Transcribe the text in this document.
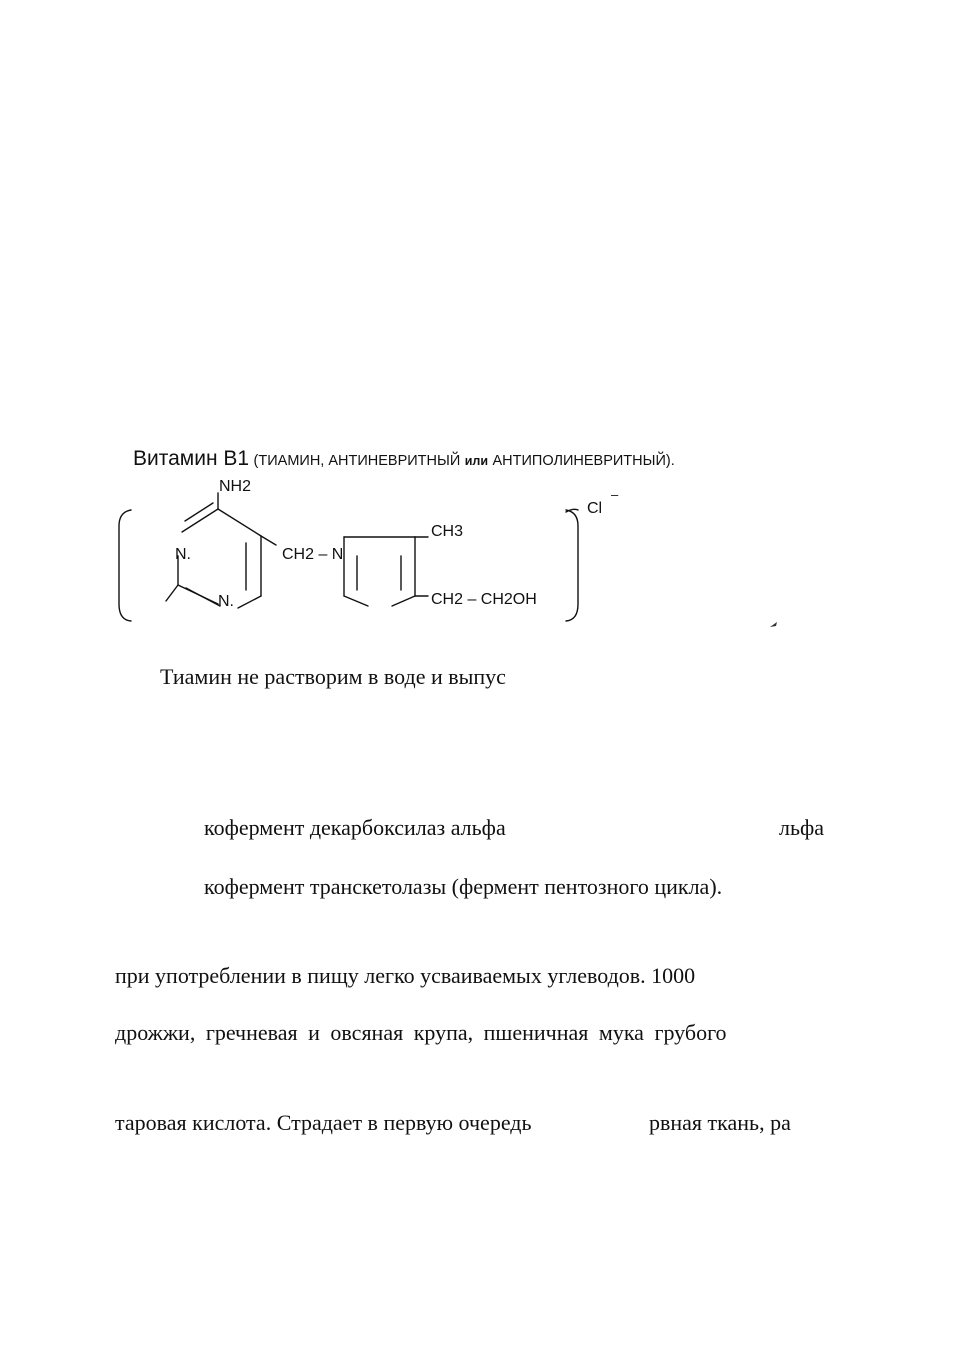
Витамин В1 (ТИАМИН, АНТИНЕВРИТНЫЙ или АНТИПОЛИНЕВРИТНЫЙ).
NH2
N.
N.
CH2 – N
CH3
CH2 – CH2OH
Cl
–
Тиамин не растворим в воде и выпус
кофермент декарбоксилаз альфа	льфа
кофермент транскетолазы (фермент пентозного цикла).
при употреблении в пищу легко усваиваемых углеводов. 1000
дрожжи, гречневая и овсяная крупа, пшеничная мука грубого
таровая кислота. Страдает в первую очередь	рвная ткань, ра
